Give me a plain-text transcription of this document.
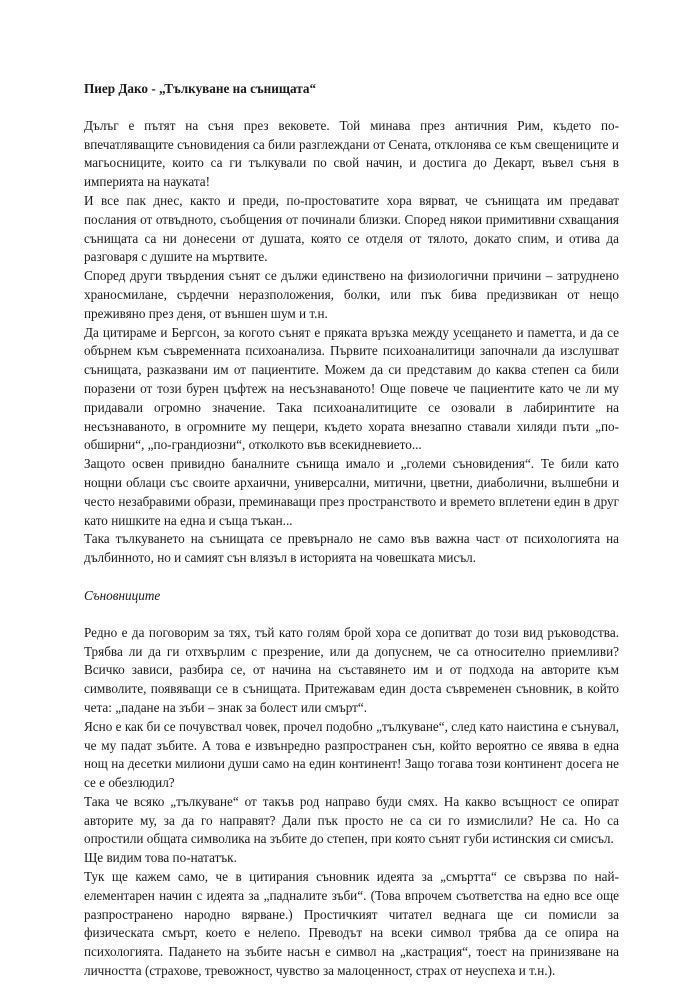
Пиер Дако - „Тълкуване на сънищата“

Дълъг е пътят на съня през вековете. Той минава през античния Рим, където по-впечатляващите съновидения са били разглеждани от Сената, отклонява се към свещениците и магьосниците, които са ги тълкували по свой начин, и достига до Декарт, въвел съня в империята на науката!

И все пак днес, както и преди, по-простоватите хора вярват, че сънищата им предават послания от отвъдното, съобщения от починали близки. Според някои примитивни схващания сънищата са ни донесени от душата, която се отделя от тялото, докато спим, и отива да разговаря с душите на мъртвите.

Според други твърдения сънят се дължи единствено на физиологични причини – затруднено храносмилане, сърдечни неразположения, болки, или пък бива предизвикан от нещо преживяно през деня, от външен шум и т.н.

Да цитираме и Бергсон, за когото сънят е пряката връзка между усещането и паметта, и да се обърнем към съвременната психоанализа. Първите психоаналитици започнали да изслушват сънищата, разказвани им от пациентите. Можем да си представим до каква степен са били поразени от този бурен цъфтеж на несъзнаваното! Още повече че пациентите като че ли му придавали огромно значение. Така психоаналитиците се озовали в лабиринтите на несъзнаваното, в огромните му пещери, където хората внезапно ставали хиляди пъти „по-обширни“, „по-грандиозни“, отколкото във всекидневието...

Защото освен привидно баналните сънища имало и „големи съновидения“. Те били като нощни облаци със своите архаични, универсални, митични, цветни, диаболични, вълшебни и често незабравими образи, преминаващи през пространството и времето вплетени един в друг като нишките на една и съща тъкан...

Така тълкуването на сънищата се превърнало не само във важна част от психологията на дълбинното, но и самият сън влязъл в историята на човешката мисъл.

Съновниците

Редно е да поговорим за тях, тъй като голям брой хора се допитват до този вид ръководства. Трябва ли да ги отхвърлим с презрение, или да допуснем, че са относително приемливи? Всичко зависи, разбира се, от начина на съставянето им и от подхода на авторите към символите, появяващи се в сънищата. Притежавам един доста съвременен съновник, в който чета: „падане на зъби – знак за болест или смърт“.

Ясно е как би се почувствал човек, прочел подобно „тълкуване“, след като наистина е сънувал, че му падат зъбите. А това е извънредно разпространен сън, който вероятно се явява в една нощ на десетки милиони души само на един континент! Защо тогава този континент досега не се е обезлюдил?

Така че всяко „тълкуване“ от такъв род направо буди смях. На какво всъщност се опират авторите му, за да го направят? Дали пък просто не са си го измислили? Не са. Но са опростили общата символика на зъбите до степен, при която сънят губи истинския си смисъл.

Ще видим това по-нататък.

Тук ще кажем само, че в цитирания съновник идеята за „смъртта“ се свързва по най-елементарен начин с идеята за „падналите зъби“. (Това впрочем съответства на едно все още разпространено народно вярване.) Простичкият читател веднага ще си помисли за физическата смърт, което е нелепо. Преводът на всеки символ трябва да се опира на психологията. Падането на зъбите насън е символ на „кастрация“, тоест на принизяване на личността (страхове, тревожност, чувство за малоценност, страх от неуспеха и т.н.).
